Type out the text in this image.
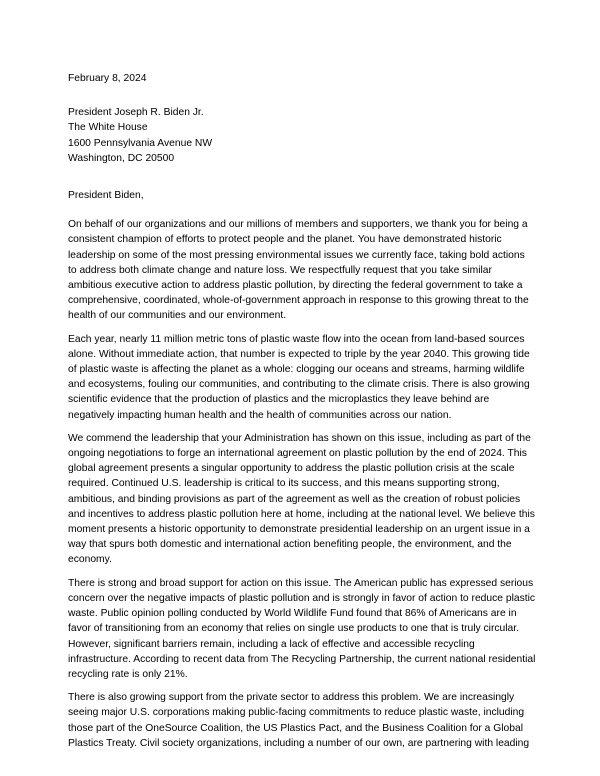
February 8, 2024

President Joseph R. Biden Jr.

The White House

1600 Pennsylvania Avenue NW

Washington, DC 20500

President Biden,

On behalf of our organizations and our millions of members and supporters, we thank you for being a consistent champion of efforts to protect people and the planet. You have demonstrated historic leadership on some of the most pressing environmental issues we currently face, taking bold actions to address both climate change and nature loss. We respectfully request that you take similar ambitious executive action to address plastic pollution, by directing the federal government to take a comprehensive, coordinated, whole-of-government approach in response to this growing threat to the health of our communities and our environment.

Each year, nearly 11 million metric tons of plastic waste flow into the ocean from land-based sources alone. Without immediate action, that number is expected to triple by the year 2040. This growing tide of plastic waste is affecting the planet as a whole: clogging our oceans and streams, harming wildlife and ecosystems, fouling our communities, and contributing to the climate crisis. There is also growing scientific evidence that the production of plastics and the microplastics they leave behind are negatively impacting human health and the health of communities across our nation.

We commend the leadership that your Administration has shown on this issue, including as part of the ongoing negotiations to forge an international agreement on plastic pollution by the end of 2024. This global agreement presents a singular opportunity to address the plastic pollution crisis at the scale required. Continued U.S. leadership is critical to its success, and this means supporting strong, ambitious, and binding provisions as part of the agreement as well as the creation of robust policies and incentives to address plastic pollution here at home, including at the national level. We believe this moment presents a historic opportunity to demonstrate presidential leadership on an urgent issue in a way that spurs both domestic and international action benefiting people, the environment, and the economy.

There is strong and broad support for action on this issue. The American public has expressed serious concern over the negative impacts of plastic pollution and is strongly in favor of action to reduce plastic waste. Public opinion polling conducted by World Wildlife Fund found that 86% of Americans are in favor of transitioning from an economy that relies on single use products to one that is truly circular. However, significant barriers remain, including a lack of effective and accessible recycling infrastructure. According to recent data from The Recycling Partnership, the current national residential recycling rate is only 21%.

There is also growing support from the private sector to address this problem. We are increasingly seeing major U.S. corporations making public-facing commitments to reduce plastic waste, including those part of the OneSource Coalition, the US Plastics Pact, and the Business Coalition for a Global Plastics Treaty. Civil society organizations, including a number of our own, are partnering with leading
